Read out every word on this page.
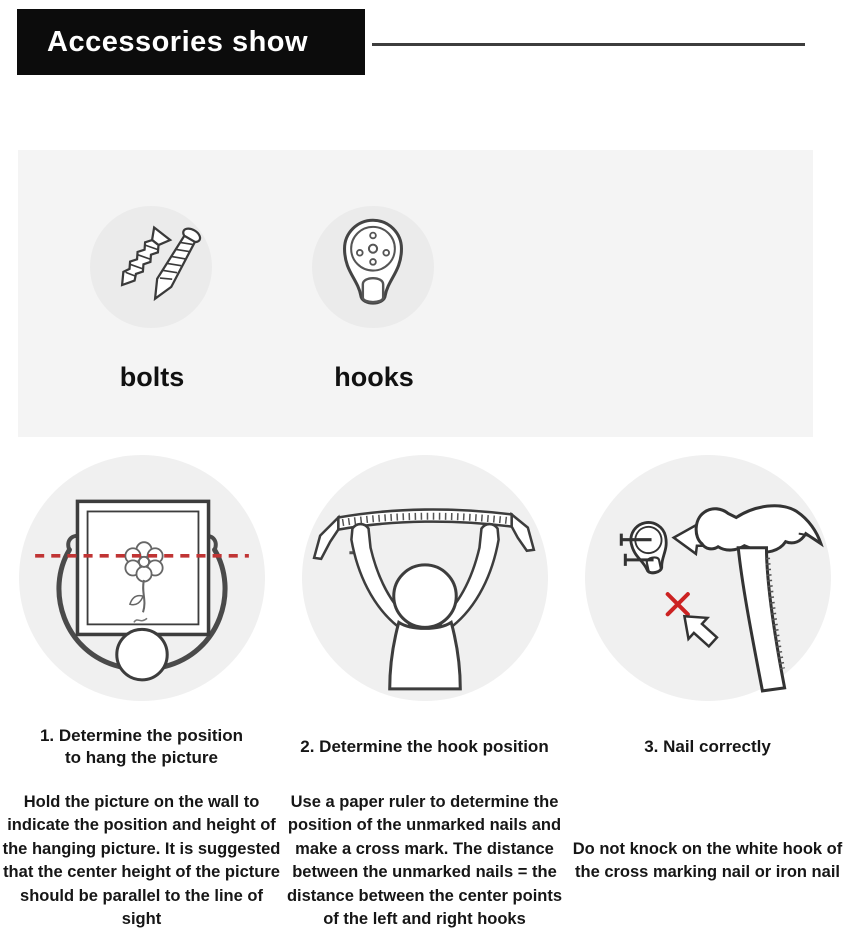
Accessories show
bolts	hooks
1. Determine the position to hang the picture
2. Determine the hook position	3. Nail correctly
Hold the picture on the wall to indicate the position and height of the hanging picture. It is suggested that the center height of the picture should be parallel to the line of sight
Use a paper ruler to determine the position of the unmarked nails and make a cross mark. The distance between the unmarked nails = the distance between the center points of the left and right hooks
Do not knock on the white hook of the cross marking nail or iron nail
